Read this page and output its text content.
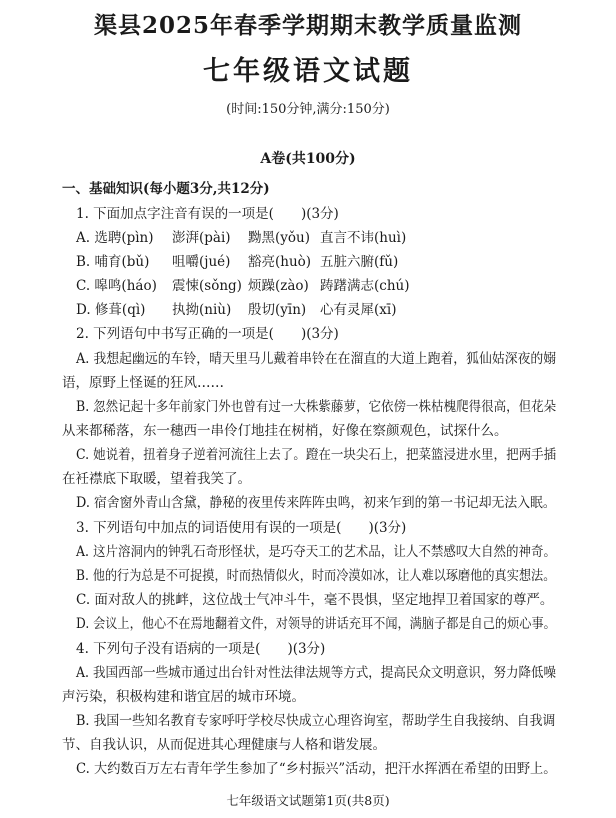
渠县2025年春季学期期末教学质量监测
七年级语文试题
(时间:150分钟,满分:150分)
A卷(共100分)
一、基础知识(每小题3分,共12分)
1. 下面加点字注音有误的一项是(　　)(3分)
A. 选聘(pìn) 澎湃(pài) 黝黑(yǒu) 直言不讳(huì)
B. 哺育(bǔ) 咀嚼(jué) 豁亮(huò) 五脏六腑(fǔ)
C. 嗥鸣(háo) 震悚(sǒng) 烦躁(zào) 踌躇满志(chú)
D. 修葺(qì) 执拗(niù) 殷切(yīn) 心有灵犀(xī)
2. 下列语句中书写正确的一项是(　　)(3分)
A. 我想起幽远的车铃，晴天里马儿戴着串铃在在溜直的大道上跑着，狐仙姑深夜的嫋
语，原野上怪诞的狂风……
B. 忽然记起十多年前家门外也曾有过一大株紫藤萝，它依傍一株枯槐爬得很高，但花朵
从来都稀落，东一穗西一串伶仃地挂在树梢，好像在察颜观色，试探什么。
C. 她说着，扭着身子逆着河流往上去了。蹬在一块尖石上，把菜篮浸进水里，把两手插
在衽襟底下取暖，望着我笑了。
D. 宿舍窗外青山含黛，静秘的夜里传来阵阵虫鸣，初来乍到的第一书记却无法入眠。
3. 下列语句中加点的词语使用有误的一项是(　　)(3分)
A. 这片溶洞内的钟乳石奇形怪状，是巧夺天工的艺术品，让人不禁感叹大自然的神奇。
B. 他的行为总是不可捉摸，时而热情似火，时而冷漠如冰，让人难以琢磨他的真实想法。
C. 面对敌人的挑衅，这位战士气冲斗牛，毫不畏惧，坚定地捍卫着国家的尊严。
D. 会议上，他心不在焉地翻着文件，对领导的讲话充耳不闻，满脑子都是自己的烦心事。
4. 下列句子没有语病的一项是(　　)(3分)
A. 我国西部一些城市通过出台针对性法律法规等方式，提高民众文明意识，努力降低噪
声污染，积极构建和谐宜居的城市环境。
B. 我国一些知名教育专家呼吁学校尽快成立心理咨询室，帮助学生自我接纳、自我调
节、自我认识，从而促进其心理健康与人格和谐发展。
C. 大约数百万左右青年学生参加了“乡村振兴”活动，把汗水挥洒在希望的田野上。
七年级语文试题第1页(共8页)
